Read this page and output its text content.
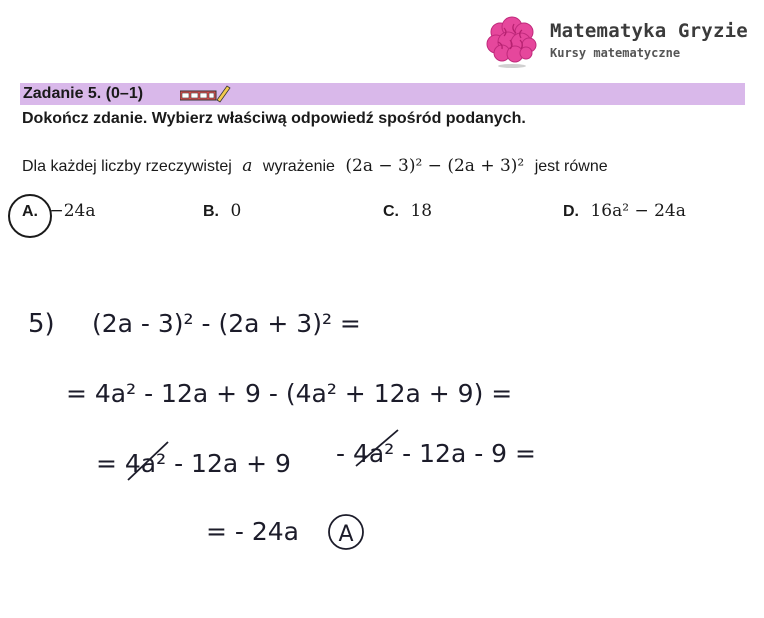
Matematyka Gryzie
Kursy matematyczne
Zadanie 5. (0–1)
Dokończ zdanie. Wybierz właściwą odpowiedź spośród podanych.
Dla każdej liczby rzeczywistej a wyrażenie (2a − 3)² − (2a + 3)² jest równe
A. −24a	B. 0	C. 18	D. 16a² − 24a
5) (2a - 3)² - (2a + 3)² =
= 4a² - 12a + 9 - (4a² + 12a + 9) =
= 4a² - 12a + 9 - 4a² - 12a - 9 =
= - 24a A
